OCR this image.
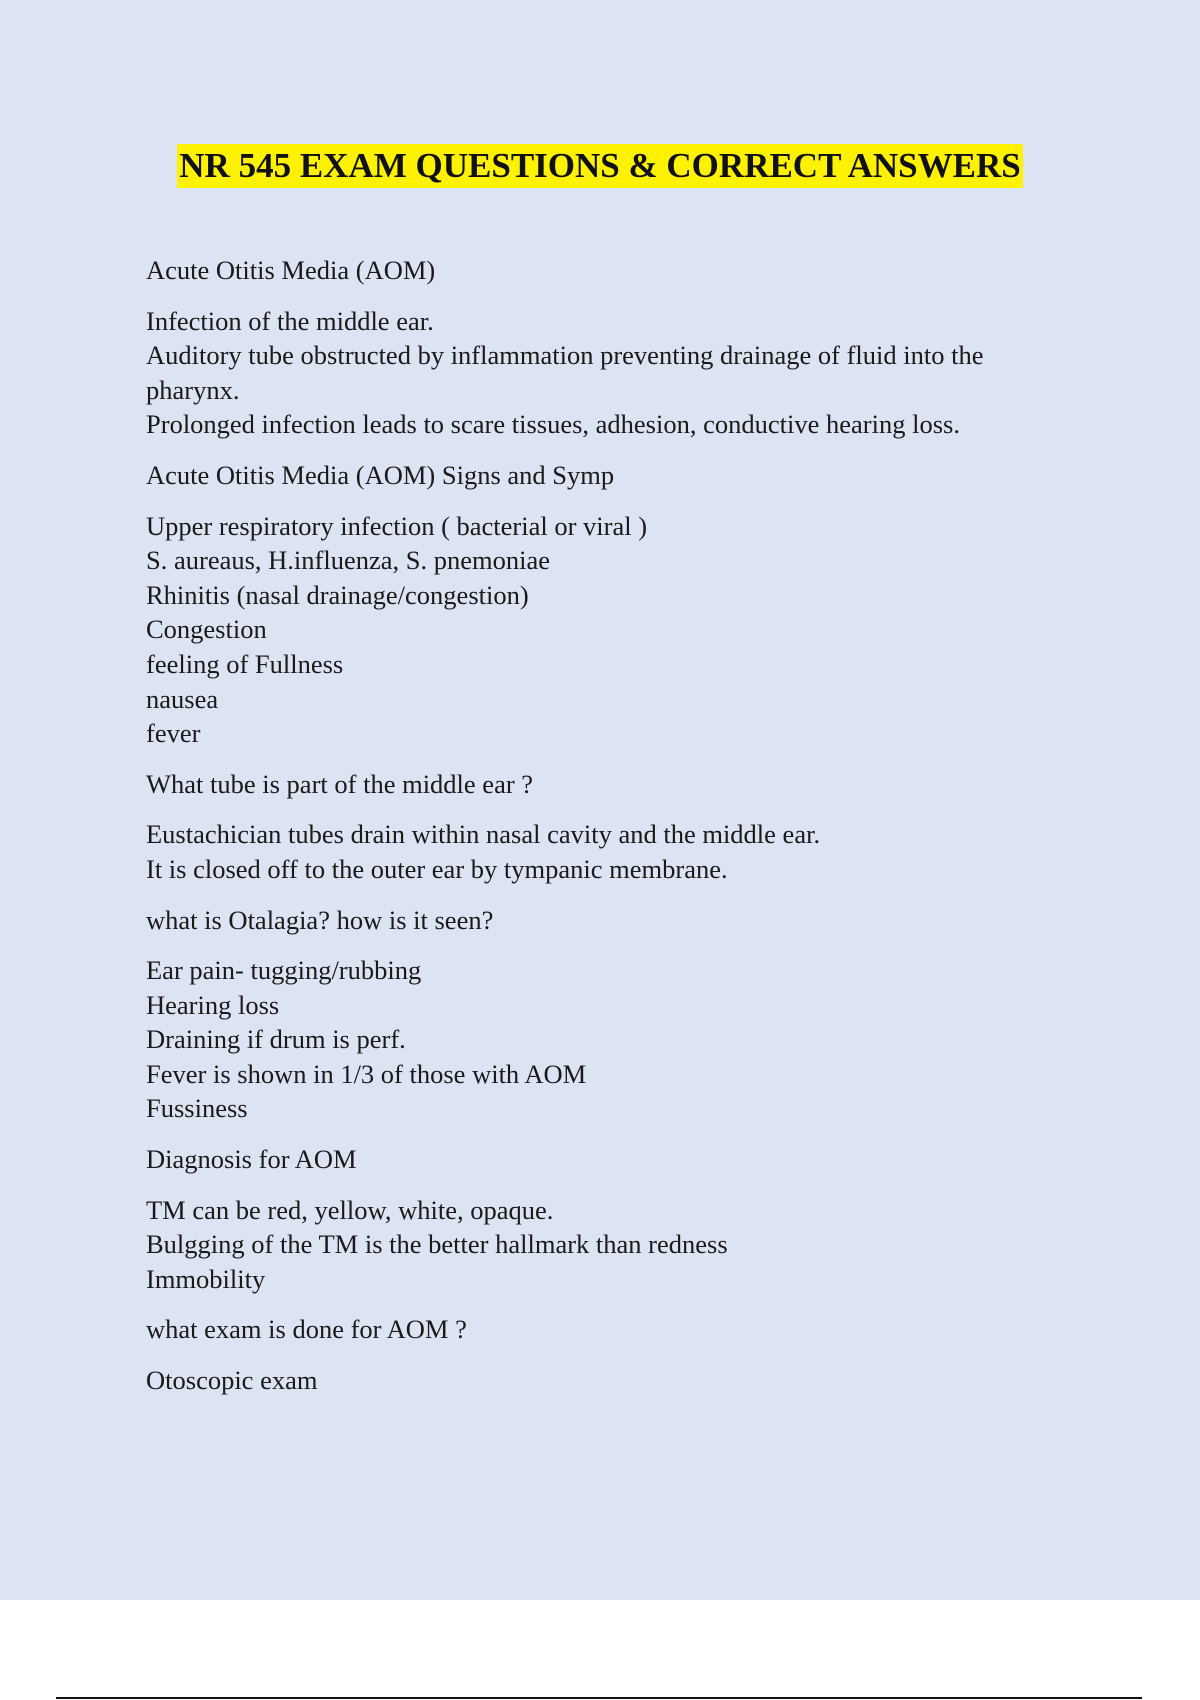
NR 545 EXAM QUESTIONS & CORRECT ANSWERS
Acute Otitis Media (AOM)
Infection of the middle ear.
Auditory tube obstructed by inflammation preventing drainage of fluid into the pharynx.
Prolonged infection leads to scare tissues, adhesion, conductive hearing loss.
Acute Otitis Media (AOM) Signs and Symp
Upper respiratory infection ( bacterial or viral )
S. aureaus, H.influenza, S. pnemoniae
Rhinitis (nasal drainage/congestion)
Congestion
feeling of Fullness
nausea
fever
What tube is part of the middle ear ?
Eustachician tubes drain within nasal cavity and the middle ear.
It is closed off to the outer ear by tympanic membrane.
what is Otalagia? how is it seen?
Ear pain- tugging/rubbing
Hearing loss
Draining if drum is perf.
Fever is shown in 1/3 of those with AOM
Fussiness
Diagnosis for AOM
TM can be red, yellow, white, opaque.
Bulgging of the TM is the better hallmark than redness
Immobility
what exam is done for AOM ?
Otoscopic exam
